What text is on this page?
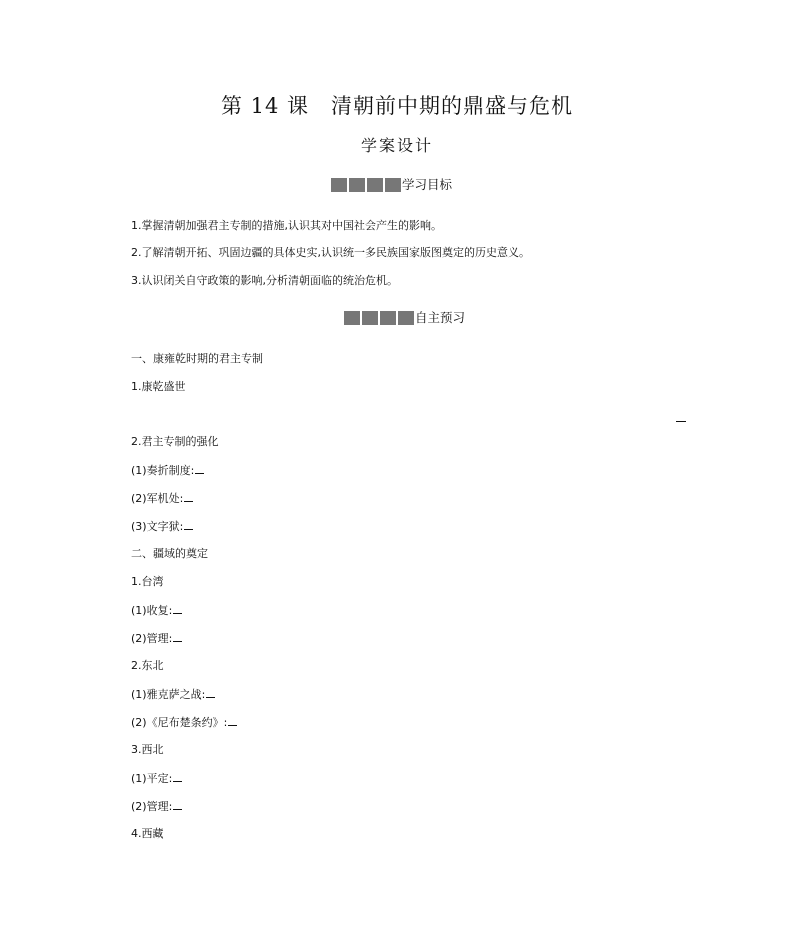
第 14 课　清朝前中期的鼎盛与危机
学案设计
学习目标
1.掌握清朝加强君主专制的措施,认识其对中国社会产生的影响。
2.了解清朝开拓、巩固边疆的具体史实,认识统一多民族国家版图奠定的历史意义。
3.认识闭关自守政策的影响,分析清朝面临的统治危机。
自主预习
一、康雍乾时期的君主专制
1.康乾盛世
2.君主专制的强化
(1)奏折制度:
(2)军机处:
(3)文字狱:
二、疆域的奠定
1.台湾
(1)收复:
(2)管理:
2.东北
(1)雅克萨之战:
(2)《尼布楚条约》:
3.西北
(1)平定:
(2)管理:
4.西藏
